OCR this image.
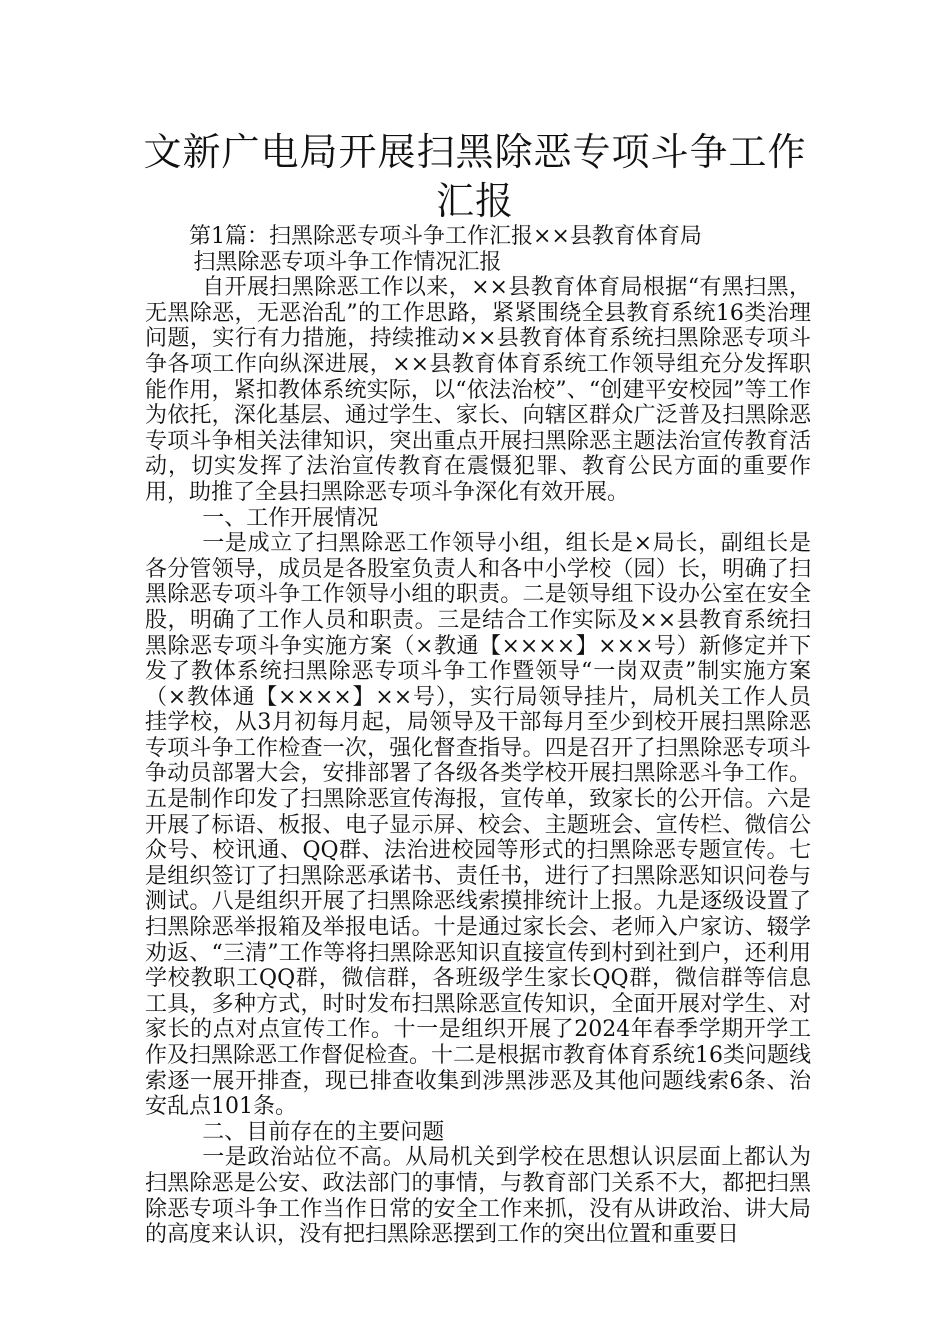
文新广电局开展扫黑除恶专项斗争工作汇报

第1篇：扫黑除恶专项斗争工作汇报××县教育体育局

扫黑除恶专项斗争工作情况汇报

自开展扫黑除恶工作以来，××县教育体育局根据“有黑扫黑，无黑除恶，无恶治乱”的工作思路，紧紧围绕全县教育系统16类治理问题，实行有力措施，持续推动××县教育体育系统扫黑除恶专项斗争各项工作向纵深进展，××县教育体育系统工作领导组充分发挥职能作用，紧扣教体系统实际，以“依法治校”、“创建平安校园”等工作为依托，深化基层、通过学生、家长、向辖区群众广泛普及扫黑除恶专项斗争相关法律知识，突出重点开展扫黑除恶主题法治宣传教育活动，切实发挥了法治宣传教育在震慑犯罪、教育公民方面的重要作用，助推了全县扫黑除恶专项斗争深化有效开展。

一、工作开展情况

一是成立了扫黑除恶工作领导小组，组长是×局长，副组长是各分管领导，成员是各股室负责人和各中小学校（园）长，明确了扫黑除恶专项斗争工作领导小组的职责。二是领导组下设办公室在安全股，明确了工作人员和职责。三是结合工作实际及××县教育系统扫黑除恶专项斗争实施方案（×教通【××××】×××号）新修定并下发了教体系统扫黑除恶专项斗争工作暨领导“一岗双责”制实施方案（×教体通【××××】××号），实行局领导挂片，局机关工作人员挂学校，从3月初每月起，局领导及干部每月至少到校开展扫黑除恶专项斗争工作检查一次，强化督查指导。四是召开了扫黑除恶专项斗争动员部署大会，安排部署了各级各类学校开展扫黑除恶斗争工作。五是制作印发了扫黑除恶宣传海报，宣传单，致家长的公开信。六是开展了标语、板报、电子显示屏、校会、主题班会、宣传栏、微信公众号、校讯通、QQ群、法治进校园等形式的扫黑除恶专题宣传。七是组织签订了扫黑除恶承诺书、责任书，进行了扫黑除恶知识问卷与测试。八是组织开展了扫黑除恶线索摸排统计上报。九是逐级设置了扫黑除恶举报箱及举报电话。十是通过家长会、老师入户家访、辍学劝返、“三清”工作等将扫黑除恶知识直接宣传到村到社到户，还利用学校教职工QQ群，微信群，各班级学生家长QQ群，微信群等信息工具，多种方式，时时发布扫黑除恶宣传知识，全面开展对学生、对家长的点对点宣传工作。十一是组织开展了2024年春季学期开学工作及扫黑除恶工作督促检查。十二是根据市教育体育系统16类问题线索逐一展开排查，现已排查收集到涉黑涉恶及其他问题线索6条、治安乱点101条。

二、目前存在的主要问题

一是政治站位不高。从局机关到学校在思想认识层面上都认为扫黑除恶是公安、政法部门的事情，与教育部门关系不大，都把扫黑除恶专项斗争工作当作日常的安全工作来抓，没有从讲政治、讲大局的高度来认识，没有把扫黑除恶摆到工作的突出位置和重要日
